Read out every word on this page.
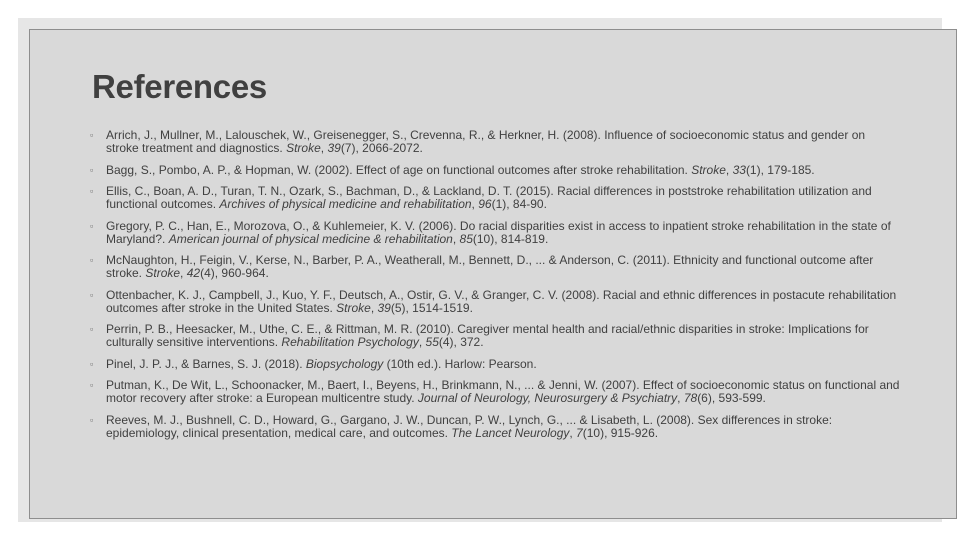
References
▫ Arrich, J., Mullner, M., Lalouschek, W., Greisenegger, S., Crevenna, R., & Herkner, H. (2008). Influence of socioeconomic status and gender on stroke treatment and diagnostics. Stroke, 39(7), 2066-2072.
▫ Bagg, S., Pombo, A. P., & Hopman, W. (2002). Effect of age on functional outcomes after stroke rehabilitation. Stroke, 33(1), 179-185.
▫ Ellis, C., Boan, A. D., Turan, T. N., Ozark, S., Bachman, D., & Lackland, D. T. (2015). Racial differences in poststroke rehabilitation utilization and functional outcomes. Archives of physical medicine and rehabilitation, 96(1), 84-90.
▫ Gregory, P. C., Han, E., Morozova, O., & Kuhlemeier, K. V. (2006). Do racial disparities exist in access to inpatient stroke rehabilitation in the state of Maryland?. American journal of physical medicine & rehabilitation, 85(10), 814-819.
▫ McNaughton, H., Feigin, V., Kerse, N., Barber, P. A., Weatherall, M., Bennett, D., ... & Anderson, C. (2011). Ethnicity and functional outcome after stroke. Stroke, 42(4), 960-964.
▫ Ottenbacher, K. J., Campbell, J., Kuo, Y. F., Deutsch, A., Ostir, G. V., & Granger, C. V. (2008). Racial and ethnic differences in postacute rehabilitation outcomes after stroke in the United States. Stroke, 39(5), 1514-1519.
▫ Perrin, P. B., Heesacker, M., Uthe, C. E., & Rittman, M. R. (2010). Caregiver mental health and racial/ethnic disparities in stroke: Implications for culturally sensitive interventions. Rehabilitation Psychology, 55(4), 372.
▫ Pinel, J. P. J., & Barnes, S. J. (2018). Biopsychology (10th ed.). Harlow: Pearson.
▫ Putman, K., De Wit, L., Schoonacker, M., Baert, I., Beyens, H., Brinkmann, N., ... & Jenni, W. (2007). Effect of socioeconomic status on functional and motor recovery after stroke: a European multicentre study. Journal of Neurology, Neurosurgery & Psychiatry, 78(6), 593-599.
▫ Reeves, M. J., Bushnell, C. D., Howard, G., Gargano, J. W., Duncan, P. W., Lynch, G., ... & Lisabeth, L. (2008). Sex differences in stroke: epidemiology, clinical presentation, medical care, and outcomes. The Lancet Neurology, 7(10), 915-926.
